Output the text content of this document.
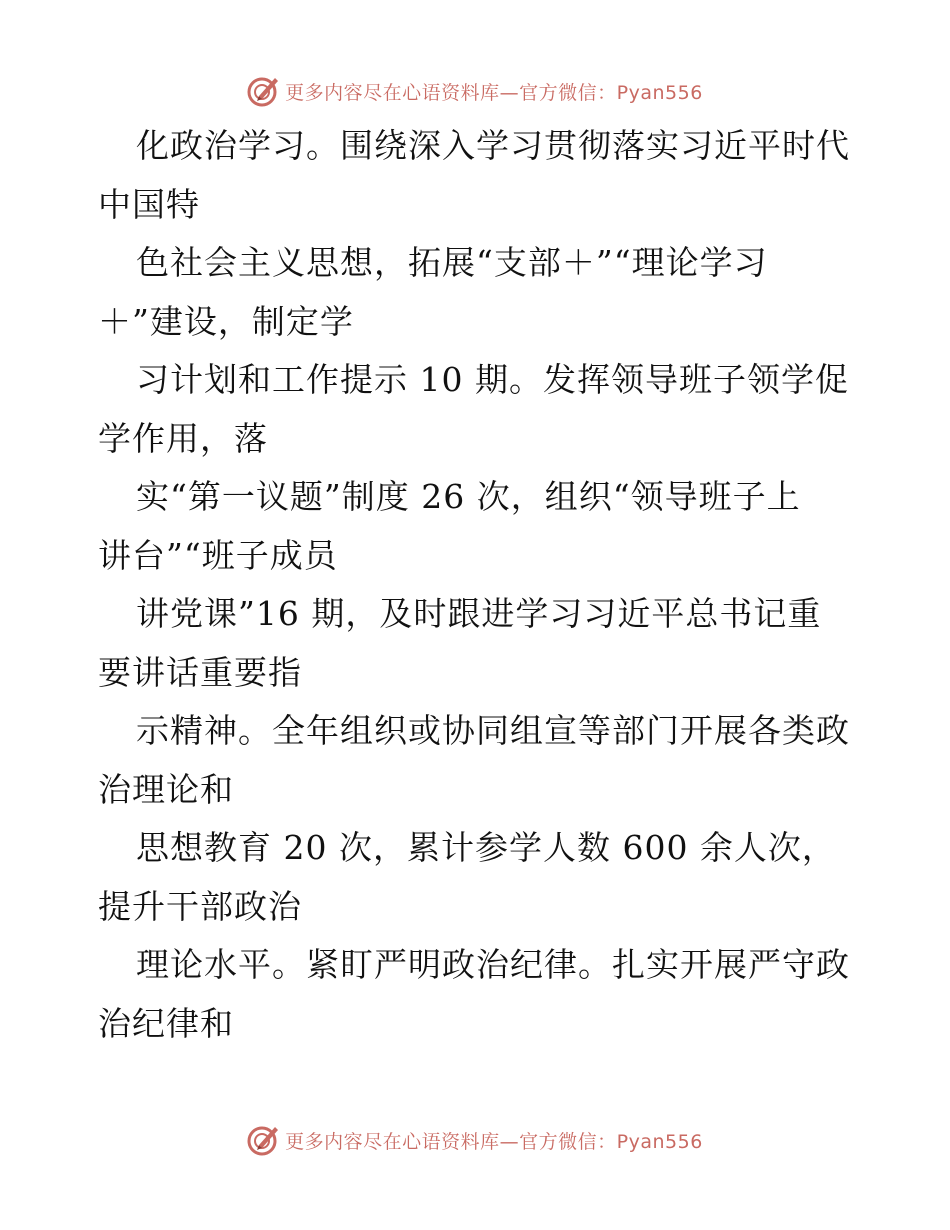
更多内容尽在心语资料库—官方微信：Pyan556
化政治学习。围绕深入学习贯彻落实习近平时代
中国特
色社会主义思想，拓展“支部＋”“理论学习
＋”建设，制定学
习计划和工作提示 10 期。发挥领导班子领学促
学作用，落
实“第一议题”制度 26 次，组织“领导班子上
讲台”“班子成员
讲党课”16 期，及时跟进学习习近平总书记重
要讲话重要指
示精神。全年组织或协同组宣等部门开展各类政
治理论和
思想教育 20 次，累计参学人数 600 余人次，
提升干部政治
理论水平。紧盯严明政治纪律。扎实开展严守政
治纪律和
更多内容尽在心语资料库—官方微信：Pyan556
